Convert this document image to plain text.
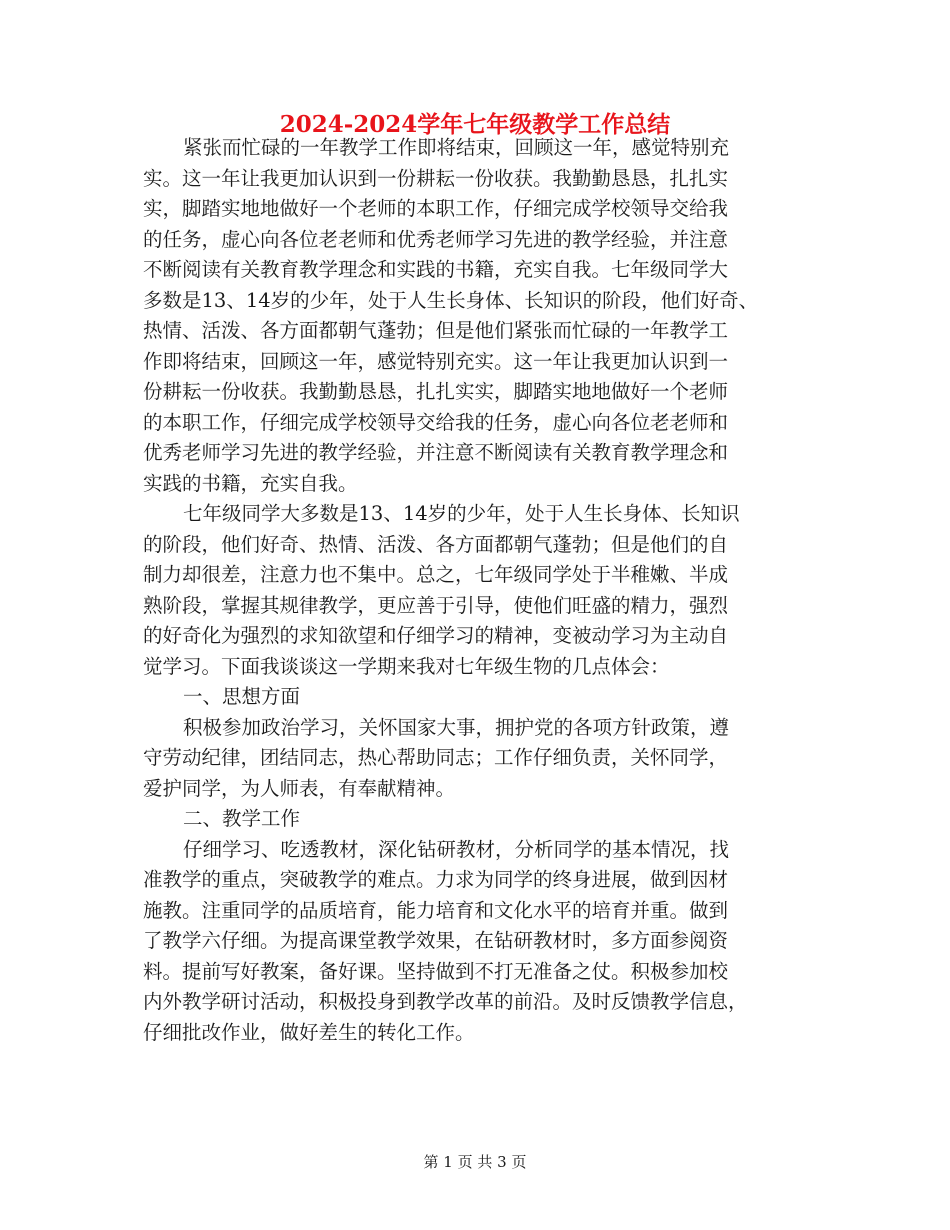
2024-2024学年七年级教学工作总结
紧张而忙碌的一年教学工作即将结束，回顾这一年，感觉特别充
实。这一年让我更加认识到一份耕耘一份收获。我勤勤恳恳，扎扎实
实，脚踏实地地做好一个老师的本职工作，仔细完成学校领导交给我
的任务，虚心向各位老老师和优秀老师学习先进的教学经验，并注意
不断阅读有关教育教学理念和实践的书籍，充实自我。七年级同学大
多数是13、14岁的少年，处于人生长身体、长知识的阶段，他们好奇、
热情、活泼、各方面都朝气蓬勃；但是他们紧张而忙碌的一年教学工
作即将结束，回顾这一年，感觉特别充实。这一年让我更加认识到一
份耕耘一份收获。我勤勤恳恳，扎扎实实，脚踏实地地做好一个老师
的本职工作，仔细完成学校领导交给我的任务，虚心向各位老老师和
优秀老师学习先进的教学经验，并注意不断阅读有关教育教学理念和
实践的书籍，充实自我。
七年级同学大多数是13、14岁的少年，处于人生长身体、长知识
的阶段，他们好奇、热情、活泼、各方面都朝气蓬勃；但是他们的自
制力却很差，注意力也不集中。总之，七年级同学处于半稚嫩、半成
熟阶段，掌握其规律教学，更应善于引导，使他们旺盛的精力，强烈
的好奇化为强烈的求知欲望和仔细学习的精神，变被动学习为主动自
觉学习。下面我谈谈这一学期来我对七年级生物的几点体会：
一、思想方面
积极参加政治学习，关怀国家大事，拥护党的各项方针政策，遵
守劳动纪律，团结同志，热心帮助同志；工作仔细负责，关怀同学，
爱护同学，为人师表，有奉献精神。
二、教学工作
仔细学习、吃透教材，深化钻研教材，分析同学的基本情况，找
准教学的重点，突破教学的难点。力求为同学的终身进展，做到因材
施教。注重同学的品质培育，能力培育和文化水平的培育并重。做到
了教学六仔细。为提高课堂教学效果，在钻研教材时，多方面参阅资
料。提前写好教案，备好课。坚持做到不打无准备之仗。积极参加校
内外教学研讨活动，积极投身到教学改革的前沿。及时反馈教学信息，
仔细批改作业，做好差生的转化工作。
第 1 页 共 3 页
